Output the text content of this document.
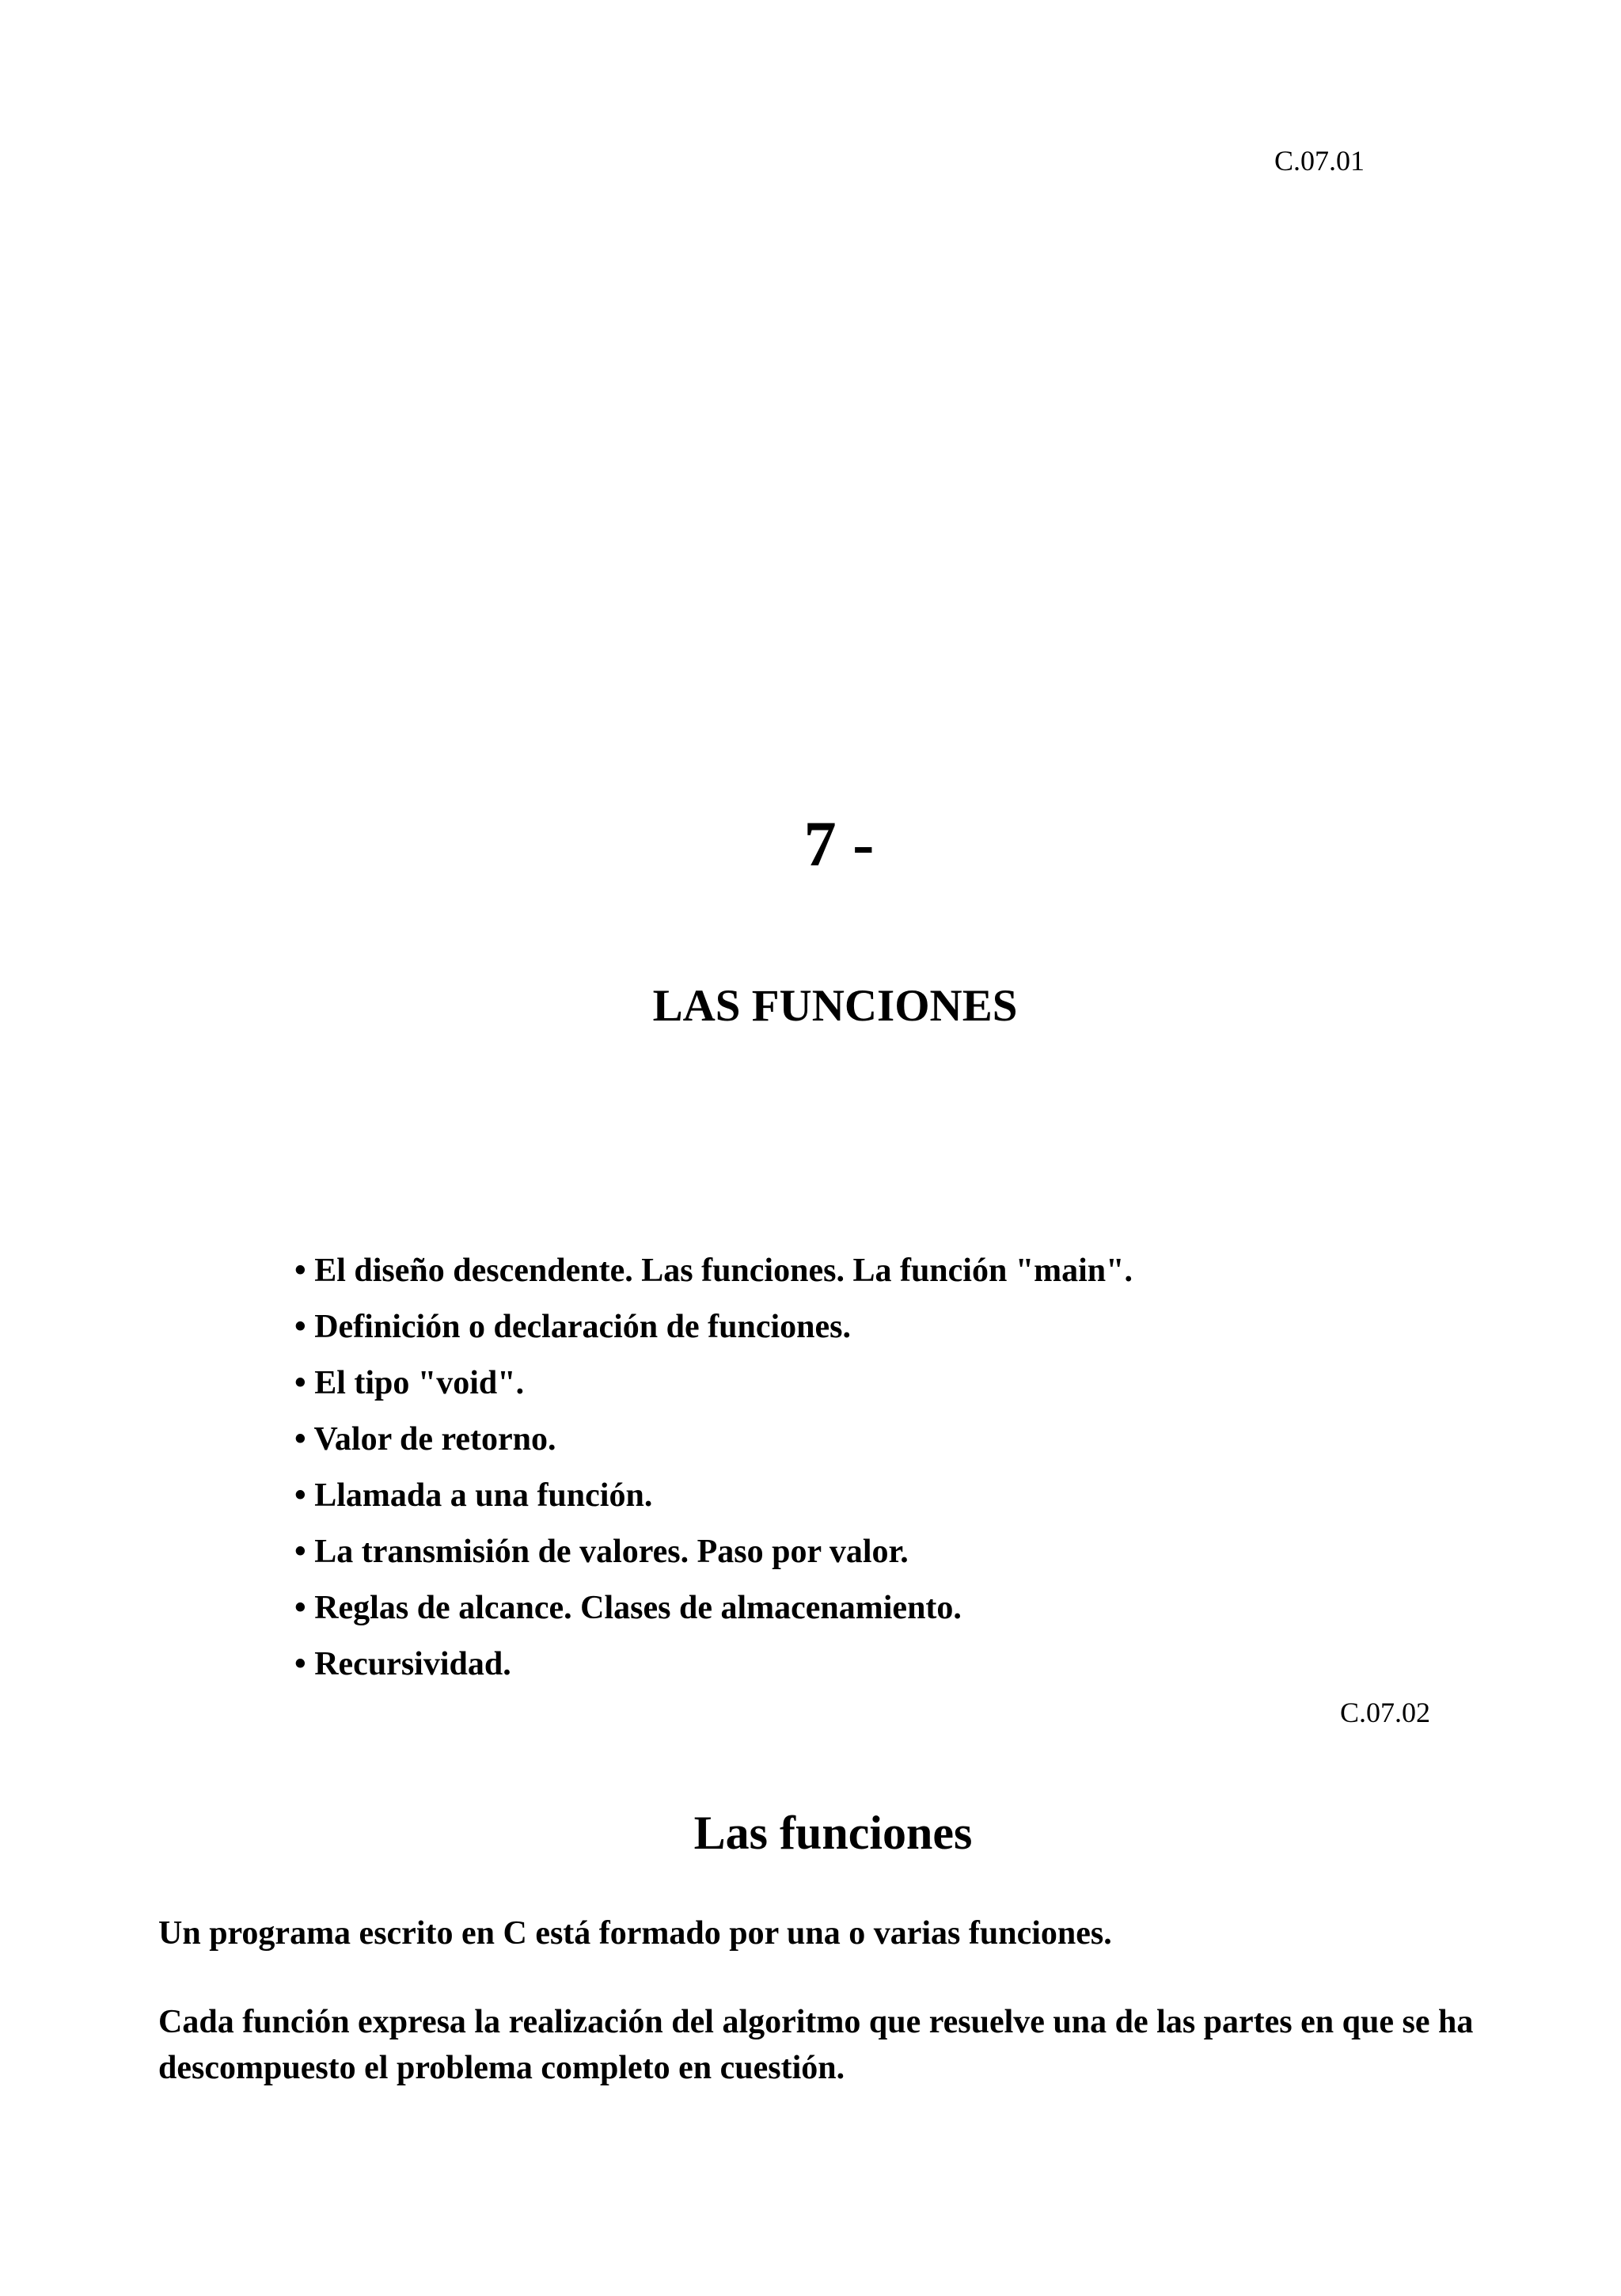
C.07.01
7 -
LAS FUNCIONES
• El diseño descendente. Las funciones. La función "main".
• Definición o declaración de funciones.
• El tipo "void".
• Valor de retorno.
• Llamada a una función.
• La transmisión de valores. Paso por valor.
• Reglas de alcance. Clases de almacenamiento.
• Recursividad.
C.07.02
Las funciones

Un programa escrito en C está formado por una o varias funciones.

Cada función expresa la realización del algoritmo que resuelve una de las partes en que se ha descompuesto el problema completo en cuestión.
